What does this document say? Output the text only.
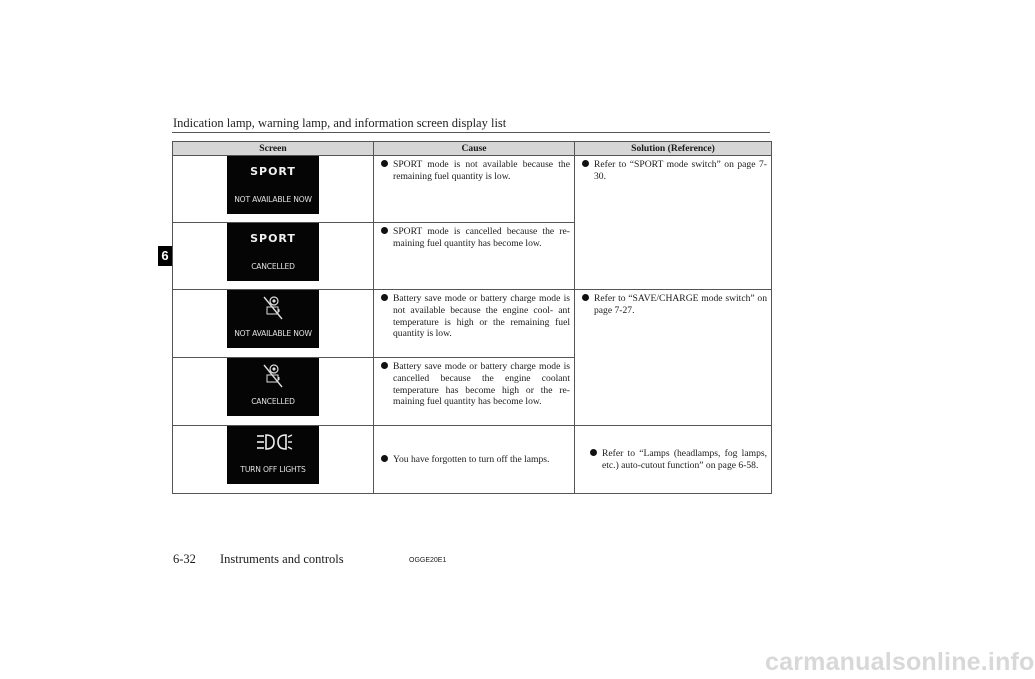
Indication lamp, warning lamp, and information screen display list
6
Screen	Cause	Solution (Reference)

SPORT
NOT AVAILABLE NOW	SPORT mode is not available because the remaining fuel quantity is low.	Refer to “SPORT mode switch” on page 7-30.

SPORT
CANCELLED	SPORT mode is cancelled because the re- maining fuel quantity has become low.	

NOT AVAILABLE NOW	Battery save mode or battery charge mode is not available because the engine cool- ant temperature is high or the remaining fuel quantity is low.	Refer to “SAVE/CHARGE mode switch” on page 7-27.

CANCELLED	Battery save mode or battery charge mode is cancelled because the engine coolant temperature has become high or the re- maining fuel quantity has become low.	

TURN OFF LIGHTS	You have forgotten to turn off the lamps.	Refer to “Lamps (headlamps, fog lamps, etc.) auto-cutout function” on page 6-58.
6-32 Instruments and controls	OGGE20E1
carmanualsonline.info
